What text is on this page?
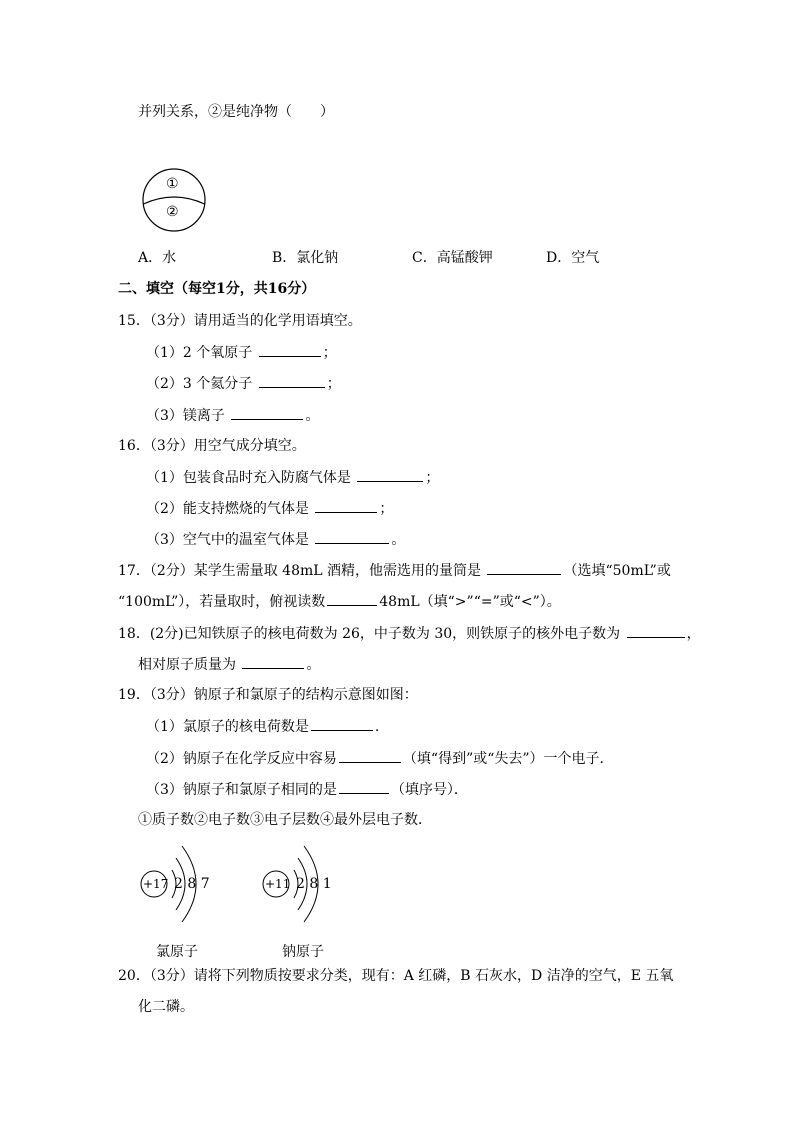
并列关系，②是纯净物（　　）
①
②
A．水	B．氯化钠	C．高锰酸钾	D．空气
二、填空（每空1分，共16分）
15．（3分）请用适当的化学用语填空。
（1）2 个氧原子	；
（2）3 个氦分子	；
（3）镁离子	。
16．（3分）用空气成分填空。
（1）包装食品时充入防腐气体是	；
（2）能支持燃烧的气体是	；
（3）空气中的温室气体是	。
17．（2分）某学生需量取 48mL 酒精，他需选用的量筒是	（选填“50mL”或
“100mL”），若量取时，俯视读数	48mL（填“>”“=”或“<”）。
18．(2分)已知铁原子的核电荷数为 26，中子数为 30，则铁原子的核外电子数为	，
相对原子质量为	。
19．（3分）钠原子和氯原子的结构示意图如图：
（1）氯原子的核电荷数是	.
（2）钠原子在化学反应中容易	（填“得到”或“失去”）一个电子．
（3）钠原子和氯原子相同的是	（填序号）．
①质子数②电子数③电子层数④最外层电子数．
+17 2 8 7
氯原子
+11 2 8 1
钠原子
20．（3分）请将下列物质按要求分类，现有：A 红磷，B 石灰水，D 洁净的空气，E 五氧
化二磷。
